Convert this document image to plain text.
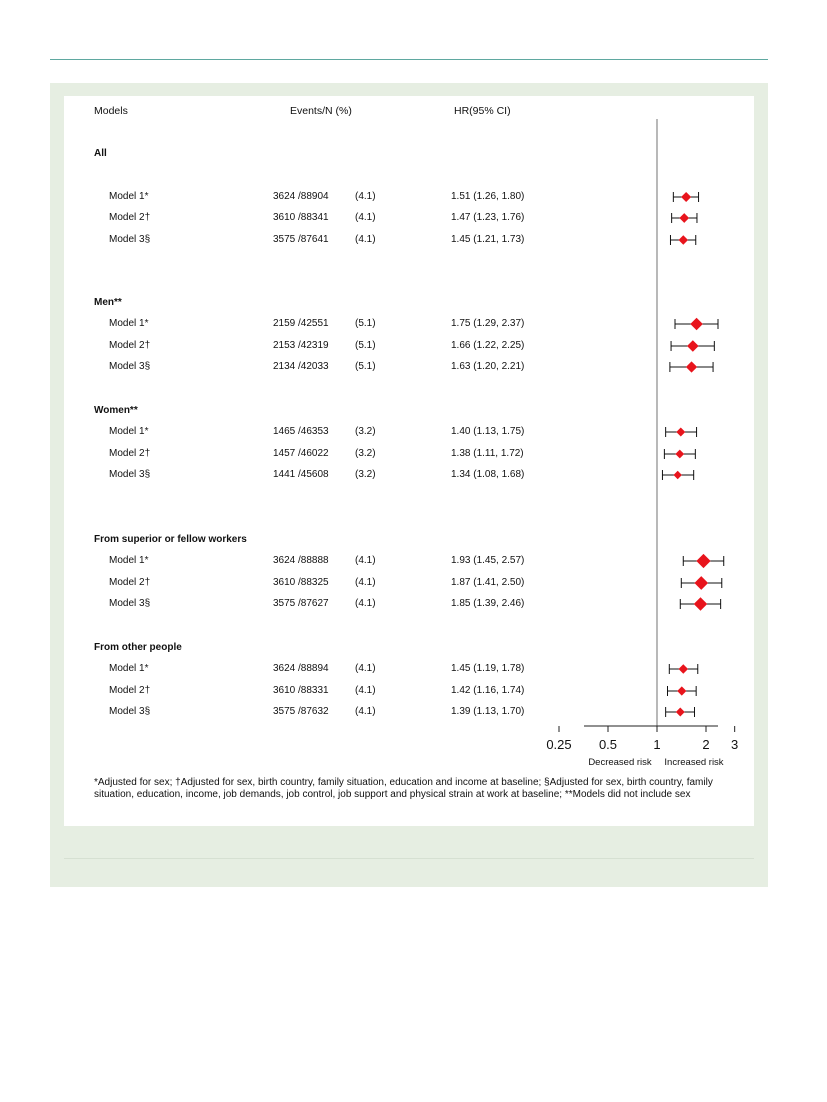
Models	Events/N (%)	HR(95% CI)
All
Model 1*	3624 /88904	(4.1)	1.51 (1.26, 1.80)
Model 2†	3610 /88341	(4.1)	1.47 (1.23, 1.76)
Model 3§	3575 /87641	(4.1)	1.45 (1.21, 1.73)
Men**
Model 1*	2159 /42551	(5.1)	1.75 (1.29, 2.37)
Model 2†	2153 /42319	(5.1)	1.66 (1.22, 2.25)
Model 3§	2134 /42033	(5.1)	1.63 (1.20, 2.21)
Women**
Model 1*	1465 /46353	(3.2)	1.40 (1.13, 1.75)
Model 2†	1457 /46022	(3.2)	1.38 (1.11, 1.72)
Model 3§	1441 /45608	(3.2)	1.34 (1.08, 1.68)
From superior or fellow workers
Model 1*	3624 /88888	(4.1)	1.93 (1.45, 2.57)
Model 2†	3610 /88325	(4.1)	1.87 (1.41, 2.50)
Model 3§	3575 /87627	(4.1)	1.85 (1.39, 2.46)
From other people
Model 1*	3624 /88894	(4.1)	1.45 (1.19, 1.78)
Model 2†	3610 /88331	(4.1)	1.42 (1.16, 1.74)
Model 3§	3575 /87632	(4.1)	1.39 (1.13, 1.70)
0.25 0.5	1	2 3
Decreased risk Increased risk
*Adjusted for sex; †Adjusted for sex, birth country, family situation, education and income at baseline; §Adjusted for sex, birth country, family situation, education, income, job demands, job control, job support and physical strain at work at baseline; **Models did not include sex
